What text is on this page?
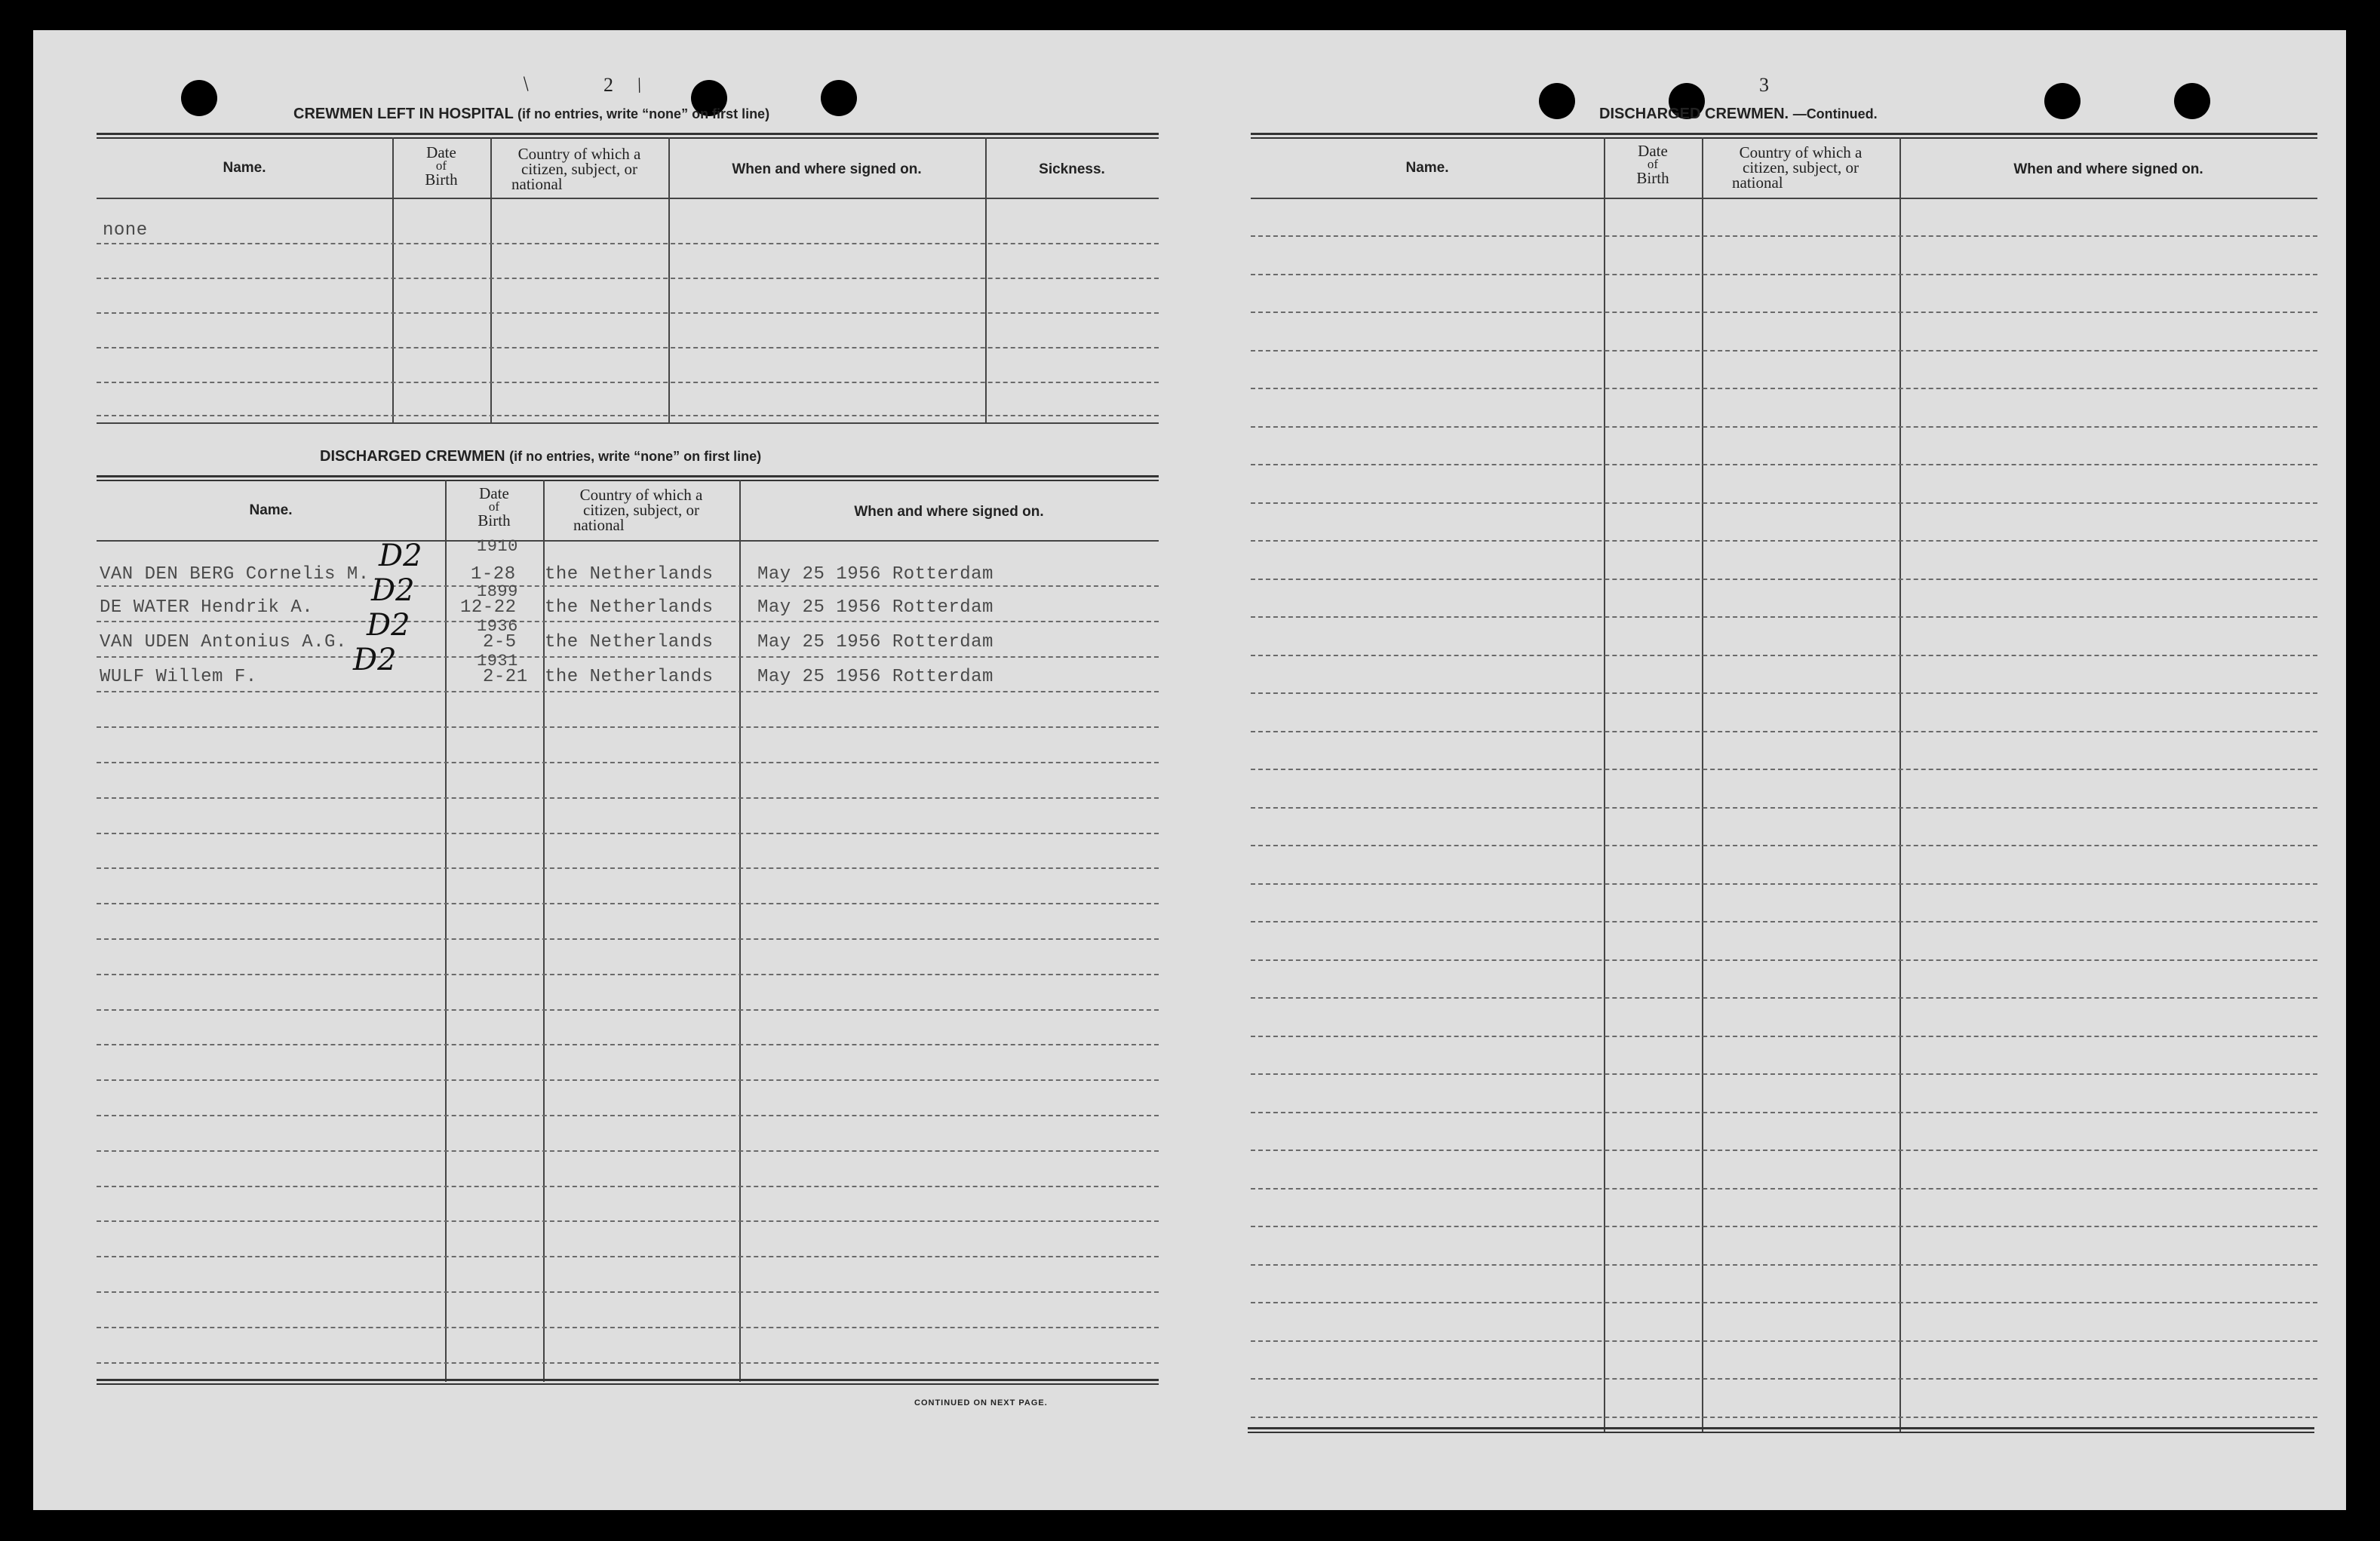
/	/
2
CREWMEN LEFT IN HOSPITAL (if no entries, write “none” on first line)
Name.
Date
of
Birth
Country of which a
citizen, subject, or
national
When and where signed on.	Sickness.
none
DISCHARGED CREWMEN (if no entries, write “none” on first line)
Name.
Date
of
Birth
Country of which a
citizen, subject, or
national
When and where signed on.
CONTINUED ON NEXT PAGE.
VAN DEN BERG Cornelis M.
1910
1-28 the Netherlands May 25 1956 Rotterdam
D2
DE WATER Hendrik A.
1899
12-22 the Netherlands May 25 1956 Rotterdam
D2
VAN UDEN Antonius A.G.
1936
2-5 the Netherlands May 25 1956 Rotterdam
D2
WULF Willem F.
1931
2-21 the Netherlands May 25 1956 Rotterdam
D2
3
DISCHARGED CREWMEN. —Continued.
Name.
Date
of
Birth
Country of which a
citizen, subject, or
national
When and where signed on.
